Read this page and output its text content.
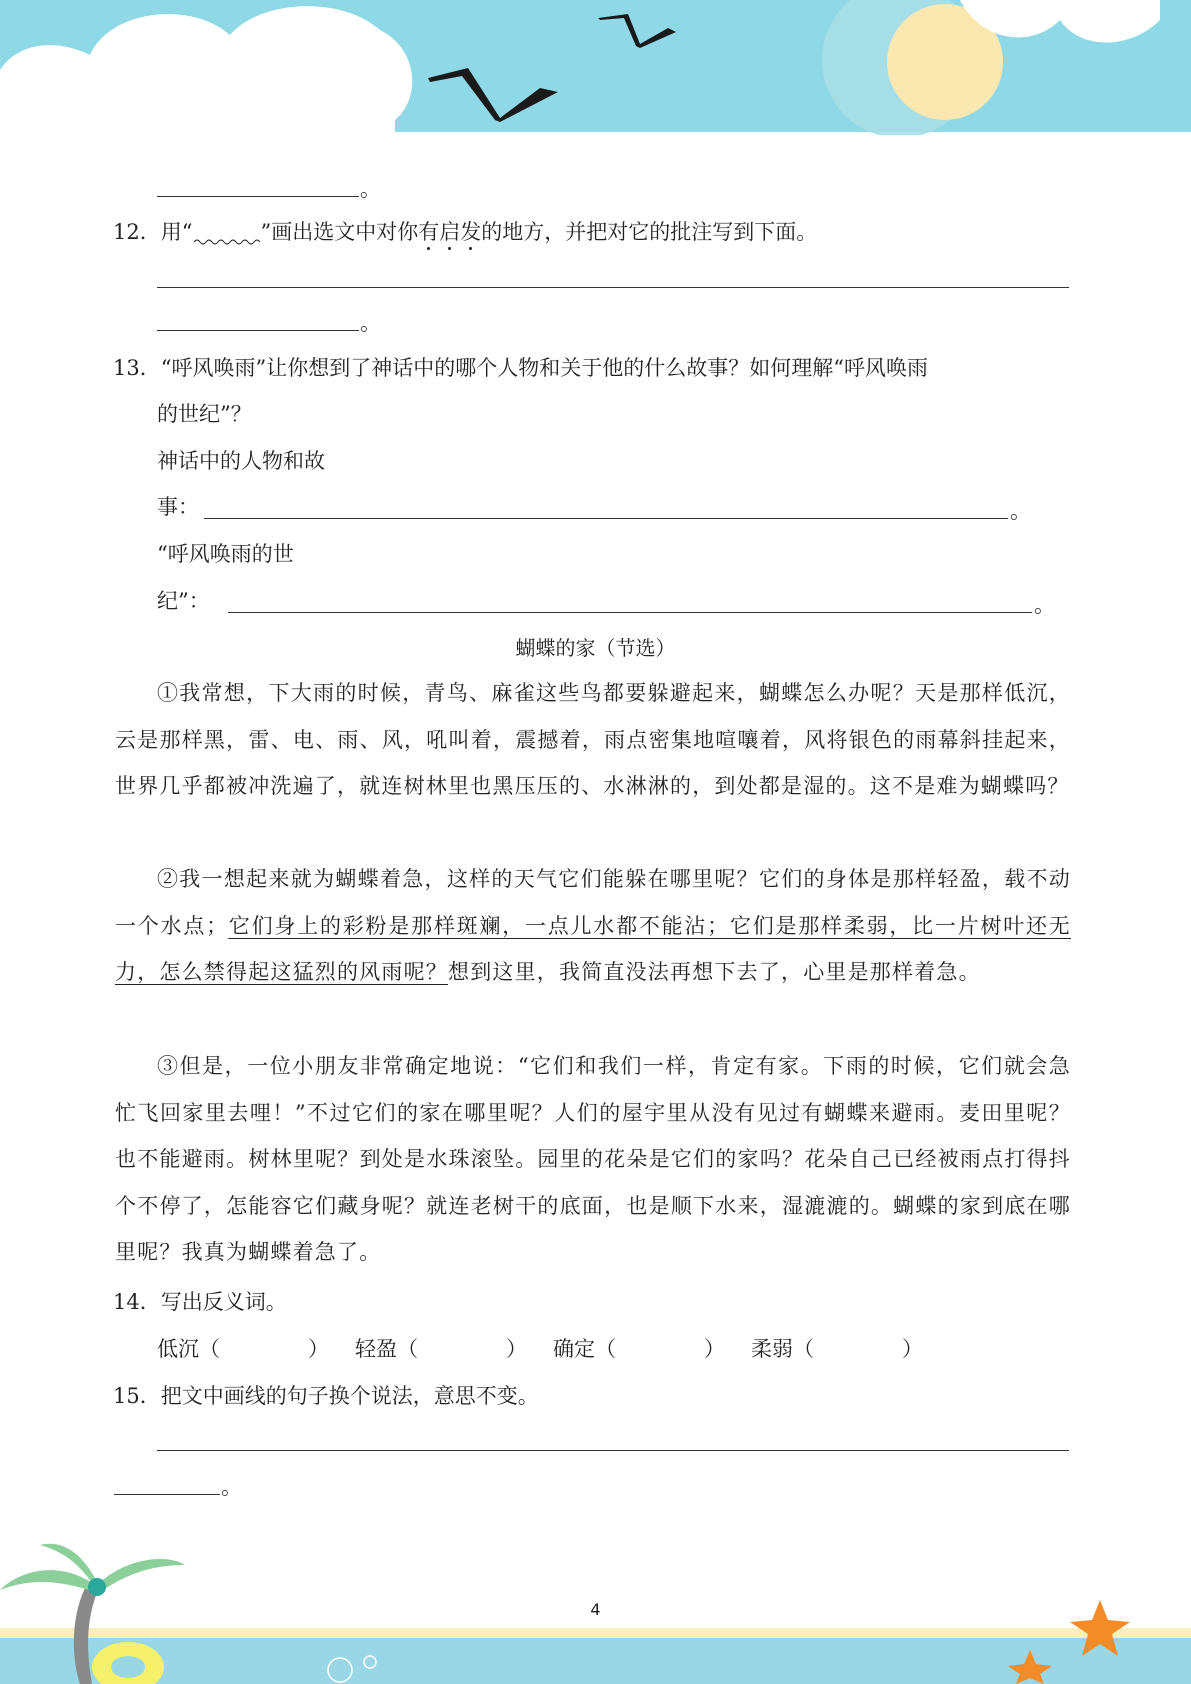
。
12．用“	”画出选文中对你有启发的地方，并把对它的批注写到下面。
。
13．“呼风唤雨”让你想到了神话中的哪个人物和关于他的什么故事？如何理解“呼风唤雨
的世纪”？
神话中的人物和故
事：	。
“呼风唤雨的世
纪”：	。
蝴蝶的家（节选）
①我常想，下大雨的时候，青鸟、麻雀这些鸟都要躲避起来，蝴蝶怎么办呢？天是那样低沉，云是那样黑，雷、电、雨、风，吼叫着，震撼着，雨点密集地喧嚷着，风将银色的雨幕斜挂起来，世界几乎都被冲洗遍了，就连树林里也黑压压的、水淋淋的，到处都是湿的。这不是难为蝴蝶吗？
②我一想起来就为蝴蝶着急，这样的天气它们能躲在哪里呢？它们的身体是那样轻盈，载不动一个水点；它们身上的彩粉是那样斑斓，一点儿水都不能沾；它们是那样柔弱，比一片树叶还无力，怎么禁得起这猛烈的风雨呢？想到这里，我简直没法再想下去了，心里是那样着急。
③但是，一位小朋友非常确定地说：“它们和我们一样，肯定有家。下雨的时候，它们就会急忙飞回家里去哩！”不过它们的家在哪里呢？人们的屋宇里从没有见过有蝴蝶来避雨。麦田里呢？也不能避雨。树林里呢？到处是水珠滚坠。园里的花朵是它们的家吗？花朵自己已经被雨点打得抖个不停了，怎能容它们藏身呢？就连老树干的底面，也是顺下水来，湿漉漉的。蝴蝶的家到底在哪里呢？我真为蝴蝶着急了。
14．写出反义词。
低沉（	） 轻盈（	） 确定（	） 柔弱（	）
15．把文中画线的句子换个说法，意思不变。
。
4
